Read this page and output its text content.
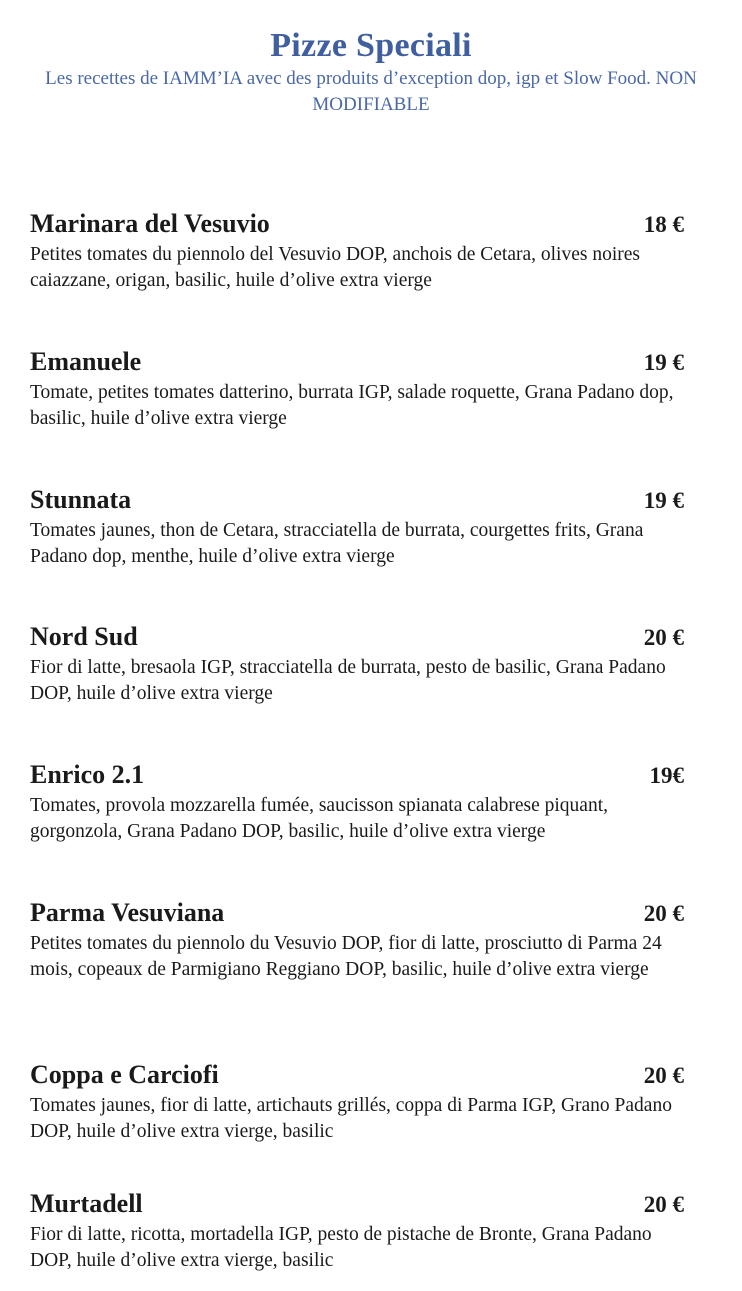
Pizze Speciali
Les recettes de IAMM’IA avec des produits d’exception dop, igp et Slow Food. NON MODIFIABLE
Marinara del Vesuvio	18 €
Petites tomates du piennolo del Vesuvio DOP, anchois de Cetara, olives noires caiazzane, origan, basilic, huile d’olive extra vierge
Emanuele	19 €
Tomate, petites tomates datterino, burrata IGP, salade roquette, Grana Padano dop, basilic, huile d’olive extra vierge
Stunnata	19 €
Tomates jaunes, thon de Cetara, stracciatella de burrata, courgettes frits, Grana Padano dop, menthe, huile d’olive extra vierge
Nord Sud	20 €
Fior di latte, bresaola IGP, stracciatella de burrata, pesto de basilic, Grana Padano DOP, huile d’olive extra vierge
Enrico 2.1	19€
Tomates, provola mozzarella fumée, saucisson spianata calabrese piquant, gorgonzola, Grana Padano DOP, basilic, huile d’olive extra vierge
Parma Vesuviana	20 €
Petites tomates du piennolo du Vesuvio DOP, fior di latte, prosciutto di Parma 24 mois, copeaux de Parmigiano Reggiano DOP, basilic, huile d’olive extra vierge
Coppa e Carciofi	20 €
Tomates jaunes, fior di latte, artichauts grillés, coppa di Parma IGP, Grano Padano DOP, huile d’olive extra vierge, basilic
Murtadell	20 €
Fior di latte, ricotta, mortadella IGP, pesto de pistache de Bronte, Grana Padano DOP, huile d’olive extra vierge, basilic
